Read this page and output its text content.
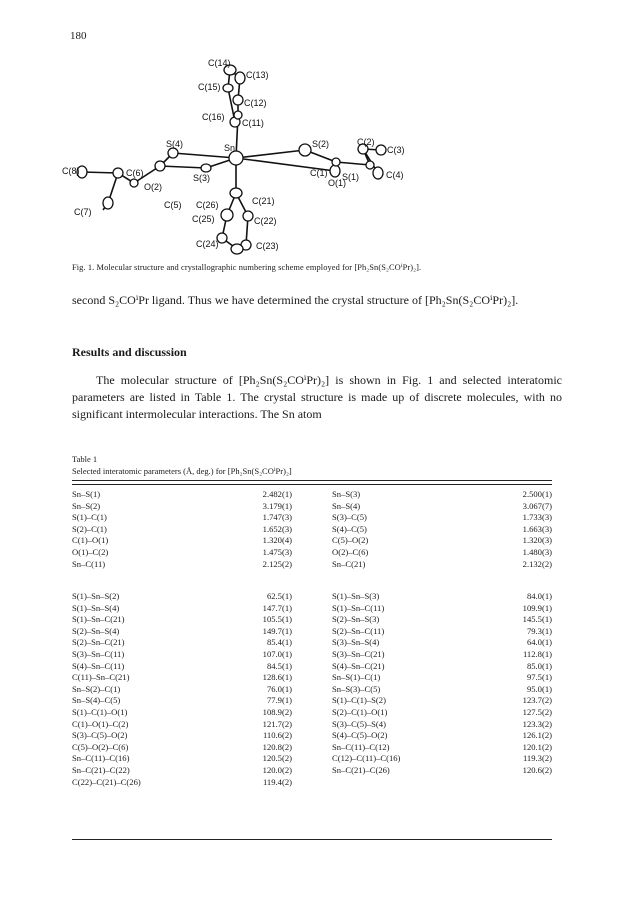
180
C(14)
C(13)
C(15)
C(12)
C(16)
C(11)
S(4)	Sn	S(2)	C(2)
C(8)	C(6)
C(3)
S(3)
O(2)
C(1) S(1)
O(1)
C(4)
C(26)	C(21)
C(7)
C(5)
C(25)	C(22)
C(24)	C(23)
Fig. 1. Molecular structure and crystallographic numbering scheme employed for [Ph₂Sn(S₂COⁱPr)₂].
second S₂COⁱPr ligand. Thus we have determined the crystal structure of [Ph₂Sn(S₂COⁱPr)₂].
Results and discussion
The molecular structure of [Ph₂Sn(S₂COⁱPr)₂] is shown in Fig. 1 and selected interatomic parameters are listed in Table 1. The crystal structure is made up of discrete molecules, with no significant intermolecular interactions. The Sn atom
Table 1
Selected interatomic parameters (Å, deg.) for [Ph₂Sn(S₂COⁱPr)₂]
Sn–S(1)	2.482(1)	Sn–S(3)	2.500(1)
Sn–S(2)	3.179(1)	Sn–S(4)	3.067(7)
S(1)–C(1)	1.747(3)	S(3)–C(5)	1.733(3)
S(2)–C(1)	1.652(3)	S(4)–C(5)	1.663(3)
C(1)–O(1)	1.320(4)	C(5)–O(2)	1.320(3)
O(1)–C(2)	1.475(3)	O(2)–C(6)	1.480(3)
Sn–C(11)	2.125(2)	Sn–C(21)	2.132(2)
S(1)–Sn–S(2)	62.5(1)	S(1)–Sn–S(3)	84.0(1)
S(1)–Sn–S(4)	147.7(1)	S(1)–Sn–C(11)	109.9(1)
S(1)–Sn–C(21)	105.5(1)	S(2)–Sn–S(3)	145.5(1)
S(2)–Sn–S(4)	149.7(1)	S(2)–Sn–C(11)	79.3(1)
S(2)–Sn–C(21)	85.4(1)	S(3)–Sn–S(4)	64.0(1)
S(3)–Sn–C(11)	107.0(1)	S(3)–Sn–C(21)	112.8(1)
S(4)–Sn–C(11)	84.5(1)	S(4)–Sn–C(21)	85.0(1)
C(11)–Sn–C(21)	128.6(1)	Sn–S(1)–C(1)	97.5(1)
Sn–S(2)–C(1)	76.0(1)	Sn–S(3)–C(5)	95.0(1)
Sn–S(4)–C(5)	77.9(1)	S(1)–C(1)–S(2)	123.7(2)
S(1)–C(1)–O(1)	108.9(2)	S(2)–C(1)–O(1)	127.5(2)
C(1)–O(1)–C(2)	121.7(2)	S(3)–C(5)–S(4)	123.3(2)
S(3)–C(5)–O(2)	110.6(2)	S(4)–C(5)–O(2)	126.1(2)
C(5)–O(2)–C(6)	120.8(2)	Sn–C(11)–C(12)	120.1(2)
Sn–C(11)–C(16)	120.5(2)	C(12)–C(11)–C(16)	119.3(2)
Sn–C(21)–C(22)	120.0(2)	Sn–C(21)–C(26)	120.6(2)
C(22)–C(21)–C(26)	119.4(2)
